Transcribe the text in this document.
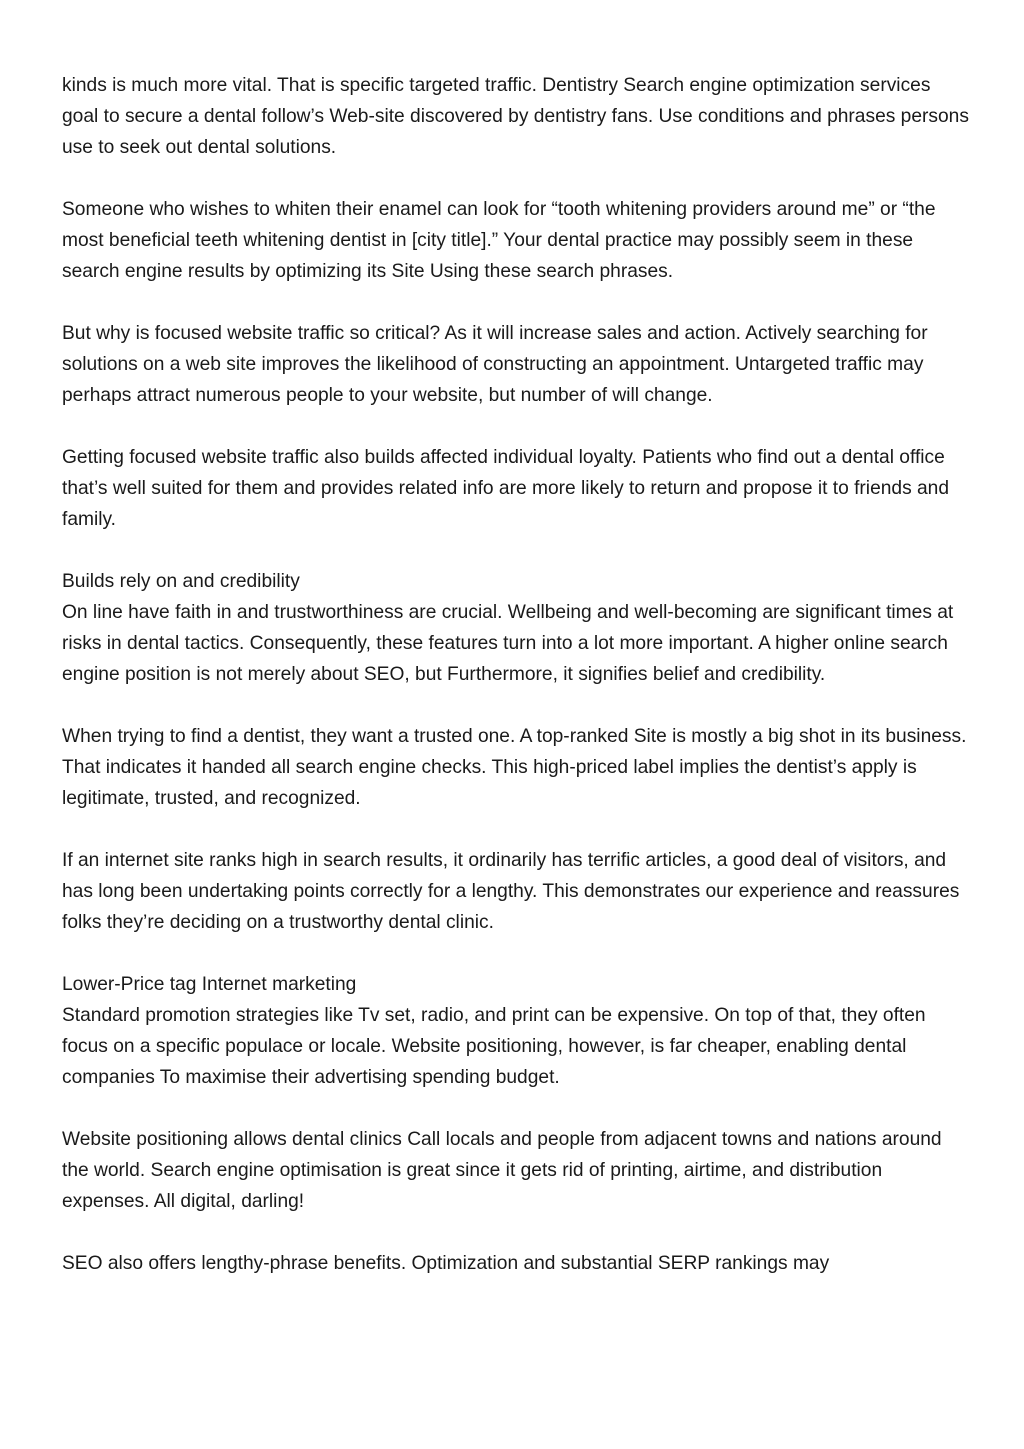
kinds is much more vital. That is specific targeted traffic. Dentistry Search engine optimization services goal to secure a dental follow’s Web-site discovered by dentistry fans. Use conditions and phrases persons use to seek out dental solutions.

Someone who wishes to whiten their enamel can look for “tooth whitening providers around me” or “the most beneficial teeth whitening dentist in [city title].” Your dental practice may possibly seem in these search engine results by optimizing its Site Using these search phrases.

But why is focused website traffic so critical? As it will increase sales and action. Actively searching for solutions on a web site improves the likelihood of constructing an appointment. Untargeted traffic may perhaps attract numerous people to your website, but number of will change.

Getting focused website traffic also builds affected individual loyalty. Patients who find out a dental office that’s well suited for them and provides related info are more likely to return and propose it to friends and family.

Builds rely on and credibility

On line have faith in and trustworthiness are crucial. Wellbeing and well-becoming are significant times at risks in dental tactics. Consequently, these features turn into a lot more important. A higher online search engine position is not merely about SEO, but Furthermore, it signifies belief and credibility.

When trying to find a dentist, they want a trusted one. A top-ranked Site is mostly a big shot in its business. That indicates it handed all search engine checks. This high-priced label implies the dentist’s apply is legitimate, trusted, and recognized.

If an internet site ranks high in search results, it ordinarily has terrific articles, a good deal of visitors, and has long been undertaking points correctly for a lengthy. This demonstrates our experience and reassures folks they’re deciding on a trustworthy dental clinic.

Lower-Price tag Internet marketing

Standard promotion strategies like Tv set, radio, and print can be expensive. On top of that, they often focus on a specific populace or locale. Website positioning, however, is far cheaper, enabling dental companies To maximise their advertising spending budget.

Website positioning allows dental clinics Call locals and people from adjacent towns and nations around the world. Search engine optimisation is great since it gets rid of printing, airtime, and distribution expenses. All digital, darling!

SEO also offers lengthy-phrase benefits. Optimization and substantial SERP rankings may
